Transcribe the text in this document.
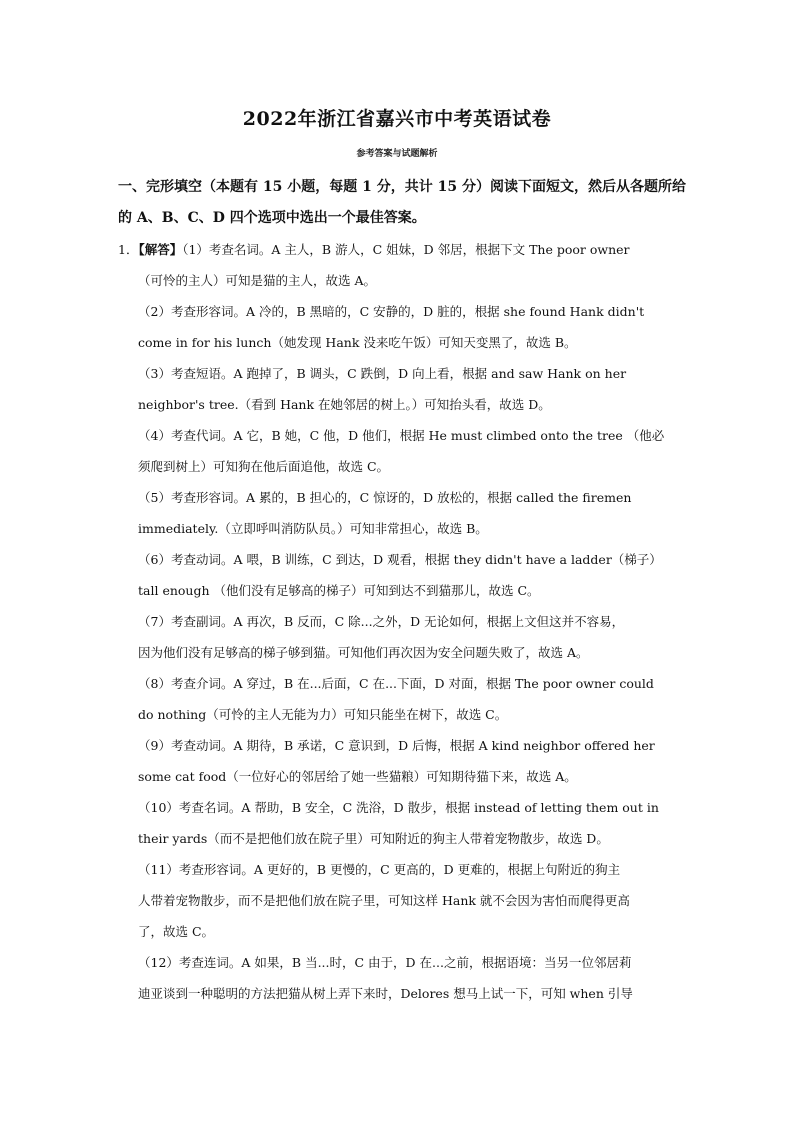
2022年浙江省嘉兴市中考英语试卷
参考答案与试题解析
一、完形填空（本题有 15 小题，每题 1 分，共计 15 分）阅读下面短文，然后从各题所给
的 A、B、C、D 四个选项中选出一个最佳答案。
1．【解答】（1）考查名词。A 主人，B 游人，C 姐妹，D 邻居，根据下文 The poor owner
（可怜的主人）可知是猫的主人，故选 A。
（2）考查形容词。A 冷的，B 黑暗的，C 安静的，D 脏的，根据 she found Hank didn't
come in for his lunch（她发现 Hank 没来吃午饭）可知天变黑了，故选 B。
（3）考查短语。A 跑掉了，B 调头，C 跌倒，D 向上看，根据 and saw Hank on her
neighbor's tree.（看到 Hank 在她邻居的树上。）可知抬头看，故选 D。
（4）考查代词。A 它，B 她，C 他，D 他们，根据 He must climbed onto the tree （他必
须爬到树上）可知狗在他后面追他，故选 C。
（5）考查形容词。A 累的，B 担心的，C 惊讶的，D 放松的，根据 called the firemen
immediately.（立即呼叫消防队员。）可知非常担心，故选 B。
（6）考查动词。A 喂，B 训练，C 到达，D 观看，根据 they didn't have a ladder（梯子）
tall enough （他们没有足够高的梯子）可知到达不到猫那儿，故选 C。
（7）考查副词。A 再次，B 反而，C 除...之外，D 无论如何，根据上文但这并不容易，
因为他们没有足够高的梯子够到猫。可知他们再次因为安全问题失败了，故选 A。
（8）考查介词。A 穿过，B 在...后面，C 在...下面，D 对面，根据 The poor owner could
do nothing（可怜的主人无能为力）可知只能坐在树下，故选 C。
（9）考查动词。A 期待，B 承诺，C 意识到，D 后悔，根据 A kind neighbor offered her
some cat food（一位好心的邻居给了她一些猫粮）可知期待猫下来，故选 A。
（10）考查名词。A 帮助，B 安全，C 洗浴，D 散步，根据 instead of letting them out in
their yards（而不是把他们放在院子里）可知附近的狗主人带着宠物散步，故选 D。
（11）考查形容词。A 更好的，B 更慢的，C 更高的，D 更难的，根据上句附近的狗主
人带着宠物散步，而不是把他们放在院子里，可知这样 Hank 就不会因为害怕而爬得更高
了，故选 C。
（12）考查连词。A 如果，B 当...时，C 由于，D 在...之前，根据语境：当另一位邻居莉
迪亚谈到一种聪明的方法把猫从树上弄下来时，Delores 想马上试一下，可知 when 引导
